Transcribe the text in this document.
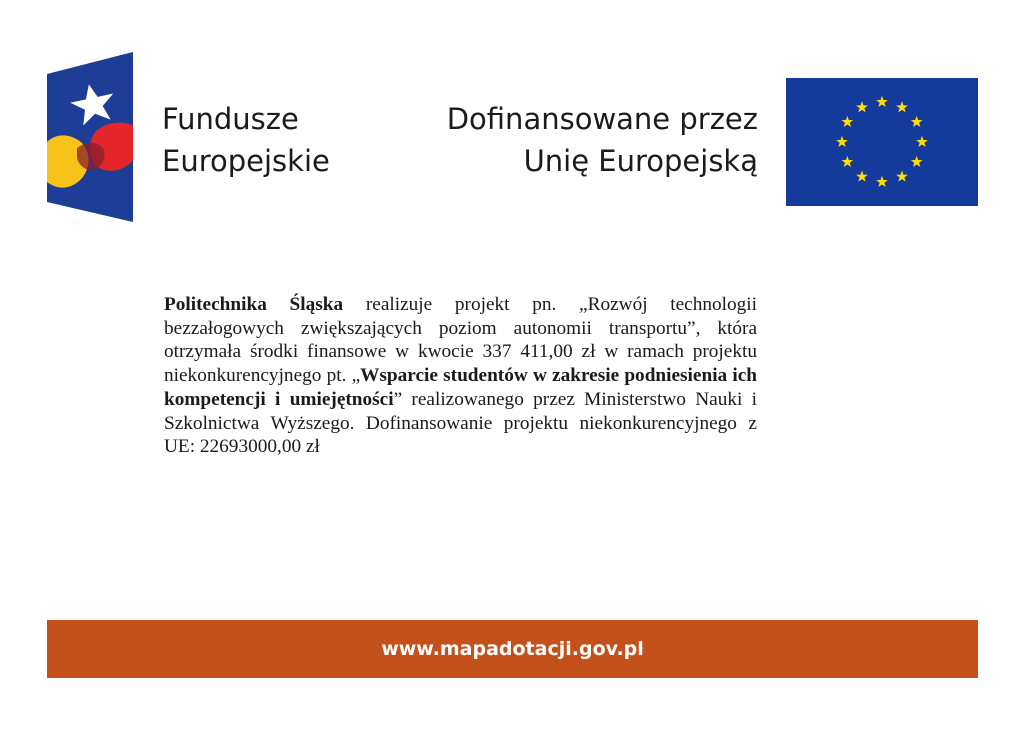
Fundusze
Europejskie
Dofinansowane przez
Unię Europejską
Politechnika Śląska realizuje projekt pn. „Rozwój technologii bezzałogowych zwiększających poziom autonomii transportu”, która otrzymała środki finansowe w kwocie 337 411,00 zł w ramach projektu niekonkurencyjnego pt. „Wsparcie studentów w zakresie podniesienia ich kompetencji i umiejętności” realizowanego przez Ministerstwo Nauki i Szkolnictwa Wyższego. Dofinansowanie projektu niekonkurencyjnego z UE: 22693000,00 zł
www.mapadotacji.gov.pl
